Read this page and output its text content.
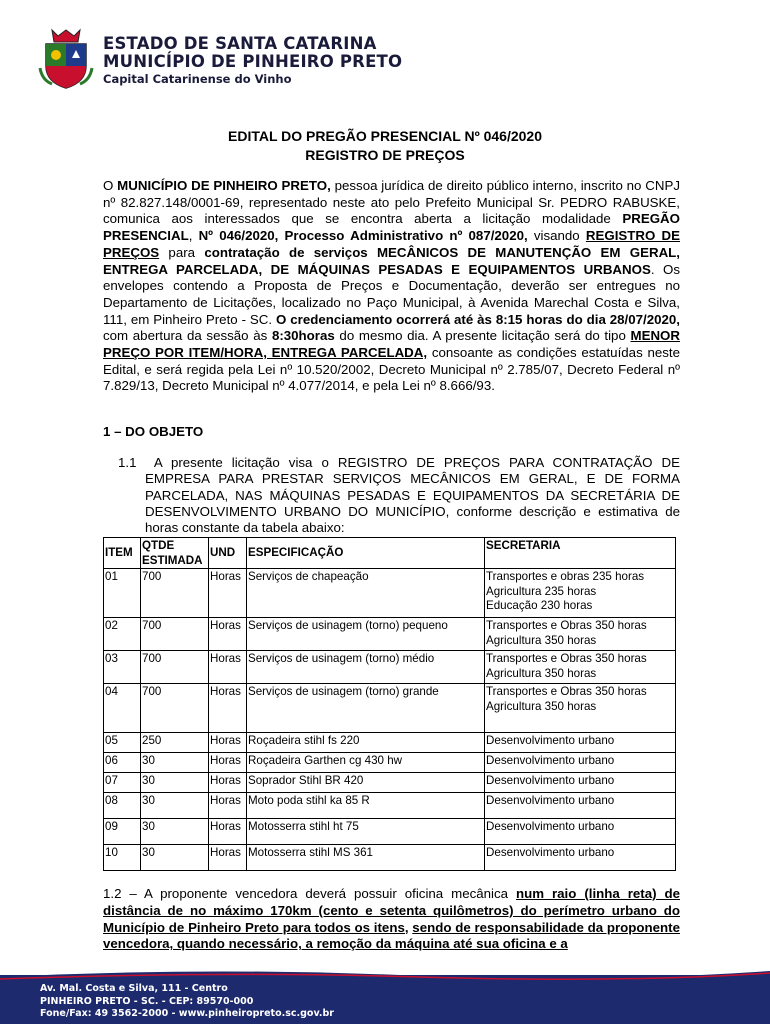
ESTADO DE SANTA CATARINA
MUNICÍPIO DE PINHEIRO PRETO
Capital Catarinense do Vinho
EDITAL DO PREGÃO PRESENCIAL Nº 046/2020
REGISTRO DE PREÇOS
O MUNICÍPIO DE PINHEIRO PRETO, pessoa jurídica de direito público interno, inscrito no CNPJ nº 82.827.148/0001-69, representado neste ato pelo Prefeito Municipal Sr. PEDRO RABUSKE, comunica aos interessados que se encontra aberta a licitação modalidade PREGÃO PRESENCIAL, Nº 046/2020, Processo Administrativo nº 087/2020, visando REGISTRO DE PREÇOS para contratação de serviços MECÂNICOS DE MANUTENÇÃO EM GERAL, ENTREGA PARCELADA, DE MÁQUINAS PESADAS E EQUIPAMENTOS URBANOS. Os envelopes contendo a Proposta de Preços e Documentação, deverão ser entregues no Departamento de Licitações, localizado no Paço Municipal, à Avenida Marechal Costa e Silva, 111, em Pinheiro Preto - SC. O credenciamento ocorrerá até às 8:15 horas do dia 28/07/2020, com abertura da sessão às 8:30horas do mesmo dia. A presente licitação será do tipo MENOR PREÇO POR ITEM/HORA, ENTREGA PARCELADA, consoante as condições estatuídas neste Edital, e será regida pela Lei nº 10.520/2002, Decreto Municipal nº 2.785/07, Decreto Federal nº 7.829/13, Decreto Municipal nº 4.077/2014, e pela Lei nº 8.666/93.
1 – DO OBJETO
1.1 A presente licitação visa o REGISTRO DE PREÇOS PARA CONTRATAÇÃO DE EMPRESA PARA PRESTAR SERVIÇOS MECÂNICOS EM GERAL, E DE FORMA PARCELADA, NAS MÁQUINAS PESADAS E EQUIPAMENTOS DA SECRETÁRIA DE DESENVOLVIMENTO URBANO DO MUNICÍPIO, conforme descrição e estimativa de horas constante da tabela abaixo:
ITEM	QTDE ESTIMADA	UND	ESPECIFICAÇÃO	SECRETARIA
01	700	Horas	Serviços de chapeação	Transportes e obras 235 horas
Agricultura 235 horas
Educação 230 horas

02	700	Horas	Serviços de usinagem (torno) pequeno	Transportes e Obras 350 horas
Agricultura 350 horas

03	700	Horas	Serviços de usinagem (torno) médio	Transportes e Obras 350 horas
Agricultura 350 horas

04	700	Horas	Serviços de usinagem (torno) grande	Transportes e Obras 350 horas
Agricultura 350 horas

05	250	Horas	Roçadeira stihl fs 220	Desenvolvimento urbano

06	30	Horas	Roçadeira Garthen cg 430 hw	Desenvolvimento urbano

07	30	Horas	Soprador Stihl BR 420	Desenvolvimento urbano

08	30	Horas	Moto poda stihl ka 85 R	Desenvolvimento urbano

09	30	Horas	Motosserra stihl ht 75	Desenvolvimento urbano

10	30	Horas	Motosserra stihl MS 361	Desenvolvimento urbano
1.2 – A proponente vencedora deverá possuir oficina mecânica num raio (linha reta) de distância de no máximo 170km (cento e setenta quilômetros) do perímetro urbano do Município de Pinheiro Preto para todos os itens, sendo de responsabilidade da proponente vencedora, quando necessário, a remoção da máquina até sua oficina e a
Av. Mal. Costa e Silva, 111 - Centro
PINHEIRO PRETO - SC. - CEP: 89570-000
Fone/Fax: 49 3562-2000 - www.pinheiropreto.sc.gov.br
